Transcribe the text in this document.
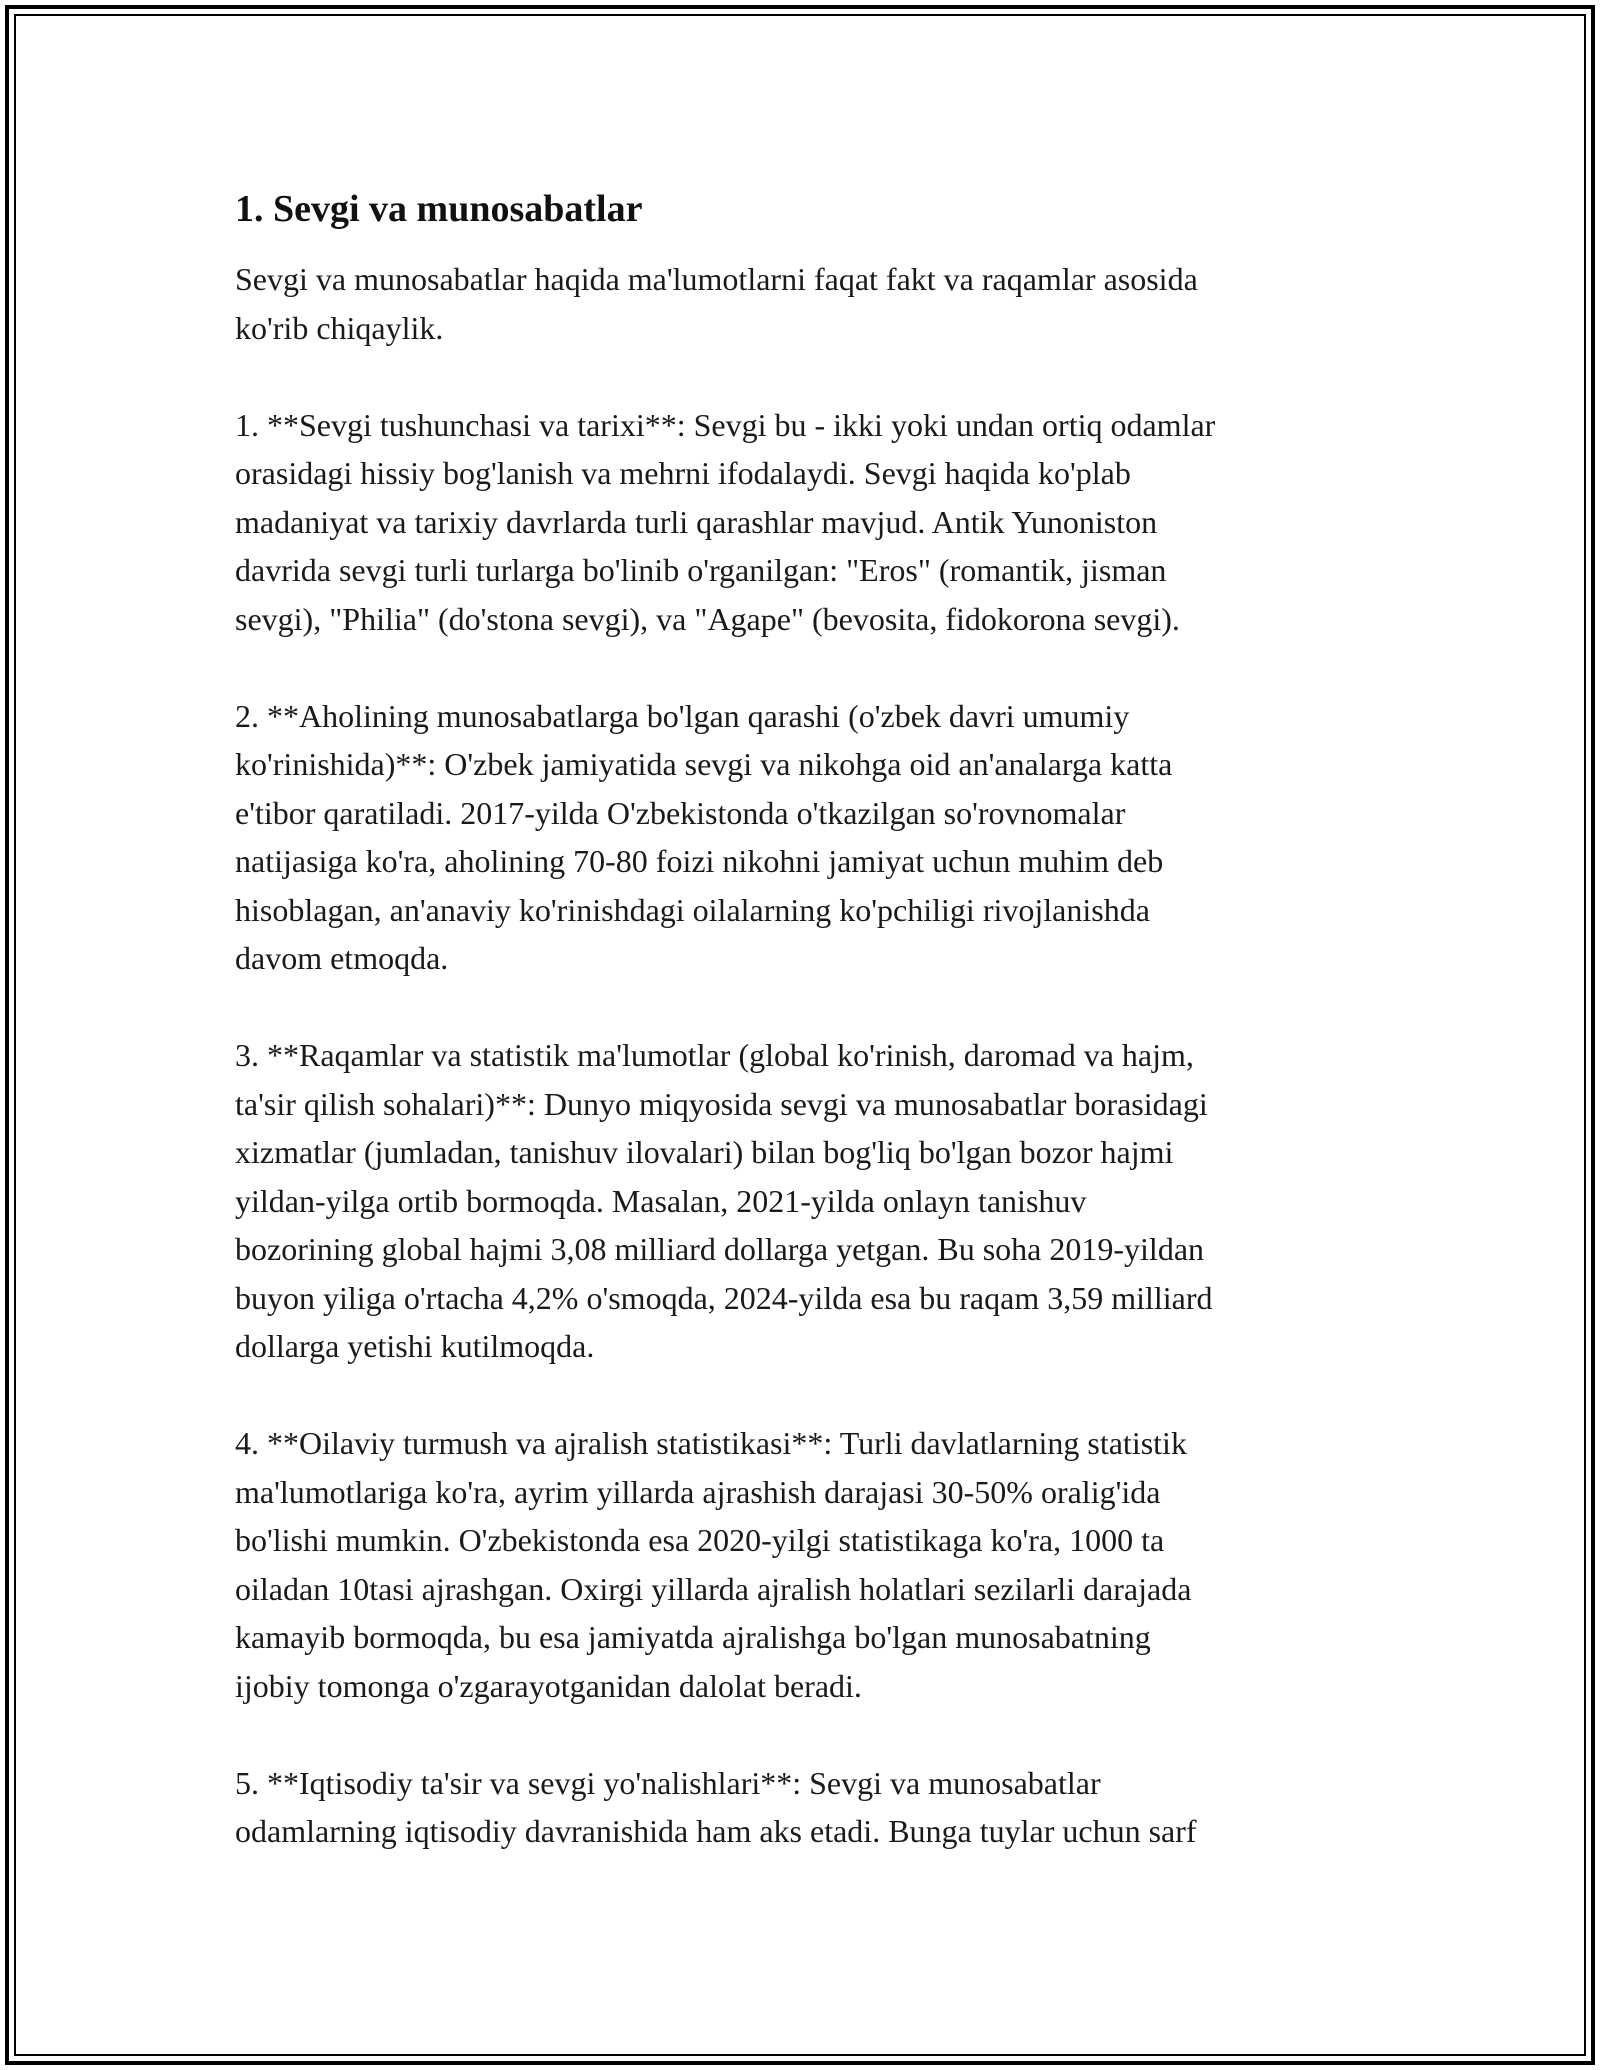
1. Sevgi va munosabatlar

Sevgi va munosabatlar haqida ma'lumotlarni faqat fakt va raqamlar asosida
ko'rib chiqaylik.

1. **Sevgi tushunchasi va tarixi**: Sevgi bu - ikki yoki undan ortiq odamlar
orasidagi hissiy bog'lanish va mehrni ifodalaydi. Sevgi haqida ko'plab
madaniyat va tarixiy davrlarda turli qarashlar mavjud. Antik Yunoniston
davrida sevgi turli turlarga bo'linib o'rganilgan: "Eros" (romantik, jisman
sevgi), "Philia" (do'stona sevgi), va "Agape" (bevosita, fidokorona sevgi).

2. **Aholining munosabatlarga bo'lgan qarashi (o'zbek davri umumiy
ko'rinishida)**: O'zbek jamiyatida sevgi va nikohga oid an'analarga katta
e'tibor qaratiladi. 2017-yilda O'zbekistonda o'tkazilgan so'rovnomalar
natijasiga ko'ra, aholining 70-80 foizi nikohni jamiyat uchun muhim deb
hisoblagan, an'anaviy ko'rinishdagi oilalarning ko'pchiligi rivojlanishda
davom etmoqda.

3. **Raqamlar va statistik ma'lumotlar (global ko'rinish, daromad va hajm,
ta'sir qilish sohalari)**: Dunyo miqyosida sevgi va munosabatlar borasidagi
xizmatlar (jumladan, tanishuv ilovalari) bilan bog'liq bo'lgan bozor hajmi
yildan-yilga ortib bormoqda. Masalan, 2021-yilda onlayn tanishuv
bozorining global hajmi 3,08 milliard dollarga yetgan. Bu soha 2019-yildan
buyon yiliga o'rtacha 4,2% o'smoqda, 2024-yilda esa bu raqam 3,59 milliard
dollarga yetishi kutilmoqda.

4. **Oilaviy turmush va ajralish statistikasi**: Turli davlatlarning statistik
ma'lumotlariga ko'ra, ayrim yillarda ajrashish darajasi 30-50% oralig'ida
bo'lishi mumkin. O'zbekistonda esa 2020-yilgi statistikaga ko'ra, 1000 ta
oiladan 10tasi ajrashgan. Oxirgi yillarda ajralish holatlari sezilarli darajada
kamayib bormoqda, bu esa jamiyatda ajralishga bo'lgan munosabatning
ijobiy tomonga o'zgarayotganidan dalolat beradi.

5. **Iqtisodiy ta'sir va sevgi yo'nalishlari**: Sevgi va munosabatlar
odamlarning iqtisodiy davranishida ham aks etadi. Bunga tuylar uchun sarf
